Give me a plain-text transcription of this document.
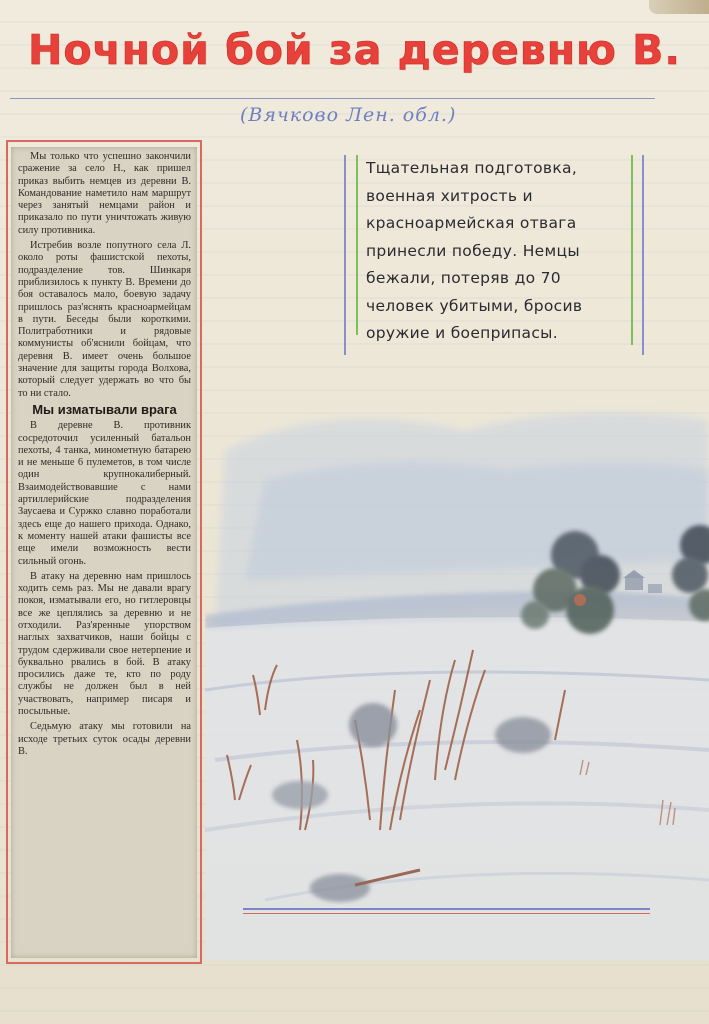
Ночной бой за деревню В.
(Вячково Лен. обл.)

Мы только что успешно закончили сражение за село Н., как пришел приказ выбить немцев из деревни В. Командование наметило нам маршрут через занятый немцами район и приказало по пути уничтожать живую силу противника.

Истребив возле попутного села Л. около роты фашистской пехоты, подразделение тов. Шинкаря приблизилось к пункту В. Времени до боя оставалось мало, боевую задачу пришлось раз'яснять красноармейцам в пути. Беседы были короткими. Политработники и рядовые коммунисты об'яснили бойцам, что деревня В. имеет очень большое значение для защиты города Волхова, который следует удержать во что бы то ни стало.

Мы изматывали врага

В деревне В. противник сосредоточил усиленный батальон пехоты, 4 танка, минометную батарею и не меньше 6 пулеметов, в том числе один крупнокалиберный. Взаимодействовавшие с нами артиллерийские подразделения Заусаева и Суржко славно поработали здесь еще до нашего прихода. Однако, к моменту нашей атаки фашисты все еще имели возможность вести сильный огонь.

В атаку на деревню нам пришлось ходить семь раз. Мы не давали врагу покоя, изматывали его, но гитлеровцы все же цеплялись за деревню и не отходили. Раз'яренные упорством наглых захватчиков, наши бойцы с трудом сдерживали свое нетерпение и буквально рвались в бой. В атаку просились даже те, кто по роду службы не должен был в ней участвовать, например писаря и посыльные.

Седьмую атаку мы готовили на исходе третьих суток осады деревни В.

Тщательная подготовка, военная хитрость и красноармейская отвага принесли победу. Немцы бежали, потеряв до 70 человек убитыми, бросив оружие и боеприпасы.
